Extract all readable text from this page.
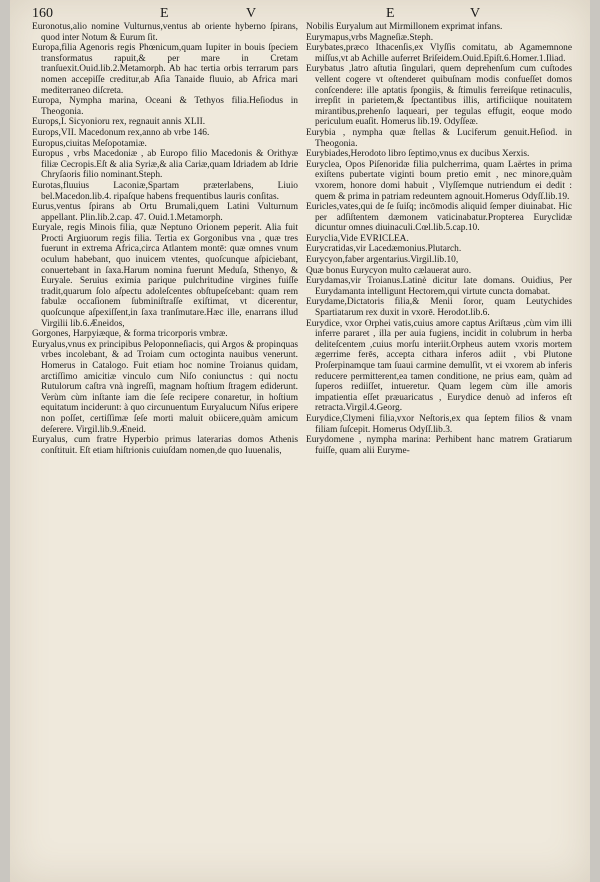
160	E	V	E	V

Euronotus,alio nomine Vulturnus,ventus ab oriente hyberno ſpirans, quod inter Notum & Eurum ſit.

Europa,filia Agenoris regis Phœnicum,quam Iupiter in bouis ſpeciem transformatus rapuit,& per mare in Cretam tranſuexit.Ouid.lib.2.Metamorph. Ab hac tertia orbis terrarum pars nomen accepiſſe creditur,ab Aſia Tanaide fluuio, ab Africa mari mediterraneo diſcreta.

Europa, Nympha marina, Oceani & Tethyos filia.Heſiodus in Theogonia.

Europs,I. Sicyonioru rex, regnauit annis XLII.

Europs,VII. Macedonum rex,anno ab vrbe 146.

Europus,ciuitas Meſopotamiæ.

Europus , vrbs Macedoniæ , ab Europo filio Macedonis & Orithyæ filiæ Cecropis.Eſt & alia Syriæ,& alia Cariæ,quam Idriadem ab Idrie Chryſaoris filio nominant.Steph.

Eurotas,fluuius Laconiæ,Spartam præterlabens, Liuio bel.Macedon.lib.4. ripaſque habens frequentibus lauris conſitas.

Eurus,ventus ſpirans ab Ortu Brumali,quem Latini Vulturnum appellant. Plin.lib.2.cap. 47. Ouid.1.Metamorph.

Euryale, regis Minois filia, quæ Neptuno Orionem peperit. Alia fuit Procti Argiuorum regis filia. Tertia ex Gorgonibus vna , quæ tres fuerunt in extrema Africa,circa Atlantem montē: quæ omnes vnum oculum habebant, quo inuicem vtentes, quoſcunque aſpiciebant, conuertebant in ſaxa.Harum nomina fuerunt Meduſa, Sthenyo, & Euryale. Seruius eximia parique pulchritudine virgines fuiſſe tradit,quarum ſolo aſpectu adoleſcentes obſtupeſcebant: quam rem fabulæ occaſionem ſubminiſtraſſe exiſtimat, vt dicerentur, quoſcunque aſpexiſſent,in ſaxa tranſmutare.Hæc ille, enarrans illud Virgilii lib.6.Æneidos,

Gorgones, Harpyiæque, & forma tricorporis vmbræ.

Euryalus,vnus ex principibus Peloponneſiacis, qui Argos & propinquas vrbes incolebant, & ad Troiam cum octoginta nauibus venerunt. Homerus in Catalogo. Fuit etiam hoc nomine Troianus quidam, arctiſſimo amicitiæ vinculo cum Niſo coniunctus : qui noctu Rutulorum caſtra vnà ingreſſi, magnam hoſtium ſtragem ediderunt. Verùm cùm inſtante iam die ſeſe recipere conaretur, in hoſtium equitatum inciderunt: à quo circunuentum Euryalucum Niſus eripere non poſſet, certiſſimæ ſeſe morti maluit obiicere,quàm amicum deſerere. Virgil.lib.9.Æneid.

Euryalus, cum fratre Hyperbio primus laterarias domos Athenis conſtituit. Eſt etiam hiſtrionis cuiuſdam nomen,de quo Iuuenalis,

Nobilis Euryalum aut Mirmillonem exprimat infans.

Eurymapus,vrbs Magneſiæ.Steph.

Eurybates,præco Ithacenſis,ex Vlyſſis comitatu, ab Agamemnone miſſus,vt ab Achille auferret Briſeidem.Ouid.Epiſt.6.Homer.1.Iliad.

Eurybatus ,latro aſtutia ſingulari, quem deprehenſum cum cuſtodes vellent cogere vt oſtenderet quibuſnam modis confueſſet domos conſcendere: ille aptatis ſpongiis, & ſtimulis ferreiſque retinaculis, irrepſit in parietem,& ſpectantibus illis, artificiique nouitatem mirantibus,prehenſo laqueari, per tegulas effugit, eoque modo periculum euaſit. Homerus lib.19. Odyſſeæ.

Eurybia , nympha quæ ſtellas & Luciferum genuit.Heſiod. in Theogonia.

Eurybiades,Herodoto libro ſeptimo,vnus ex ducibus Xerxis.

Euryclea, Opos Piſenoridæ filia pulcherrima, quam Laërtes in prima exiſtens pubertate viginti boum pretio emit , nec minore,quàm vxorem, honore domi habuit , Vlyſſemque nutriendum ei dedit : quem & prima in patriam redeuntem agnouit.Homerus Odyſſ.lib.19.

Euricles,vates,qui de ſe ſuiſq; incōmodis aliquid ſemper diuinabat. Hic per adſiſtentem dæmonem vaticinabatur.Propterea Euryclidæ dicuntur omnes diuinaculi.Cœl.lib.5.cap.10.

Euryclia,Vide EVRICLEA.

Eurycratidas,vir Lacedæmonius.Plutarch.

Eurycyon,faber argentarius.Virgil.lib.10,

Quæ bonus Eurycyon multo cælauerat auro.

Eurydamas,vir Troianus.Latinè dicitur late domans. Ouidius, Per Eurydamanta intelligunt Hectorem,qui virtute cuncta domabat.

Eurydame,Dictatoris filia,& Menii ſoror, quam Leutychides Spartiatarum rex duxit in vxorē. Herodot.lib.6.

Eurydice, vxor Orphei vatis,cuius amore captus Ariſtæus ,cùm vim illi inferre pararet , illa per auia fugiens, incidit in colubrum in herba deliteſcentem ,cuius morſu interiit.Orpheus autem vxoris mortem ægerrime ferēs, accepta cithara inferos adiit , vbi Plutone Proſerpinamque tam ſuaui carmine demulſit, vt ei vxorem ab inferis reducere permitterent,ea tamen conditione, ne prius eam, quàm ad ſuperos rediiſſet, intueretur. Quam legem cùm ille amoris impatientia eſſet præuaricatus , Eurydice denuò ad inferos eſt retracta.Virgil.4.Georg.

Eurydice,Clymeni filia,vxor Neſtoris,ex qua ſeptem filios & vnam filiam ſuſcepit. Homerus Odyſſ.lib.3.

Eurydomene , nympha marina: Perhibent hanc matrem Gratiarum fuiſſe, quam alii Euryme-
